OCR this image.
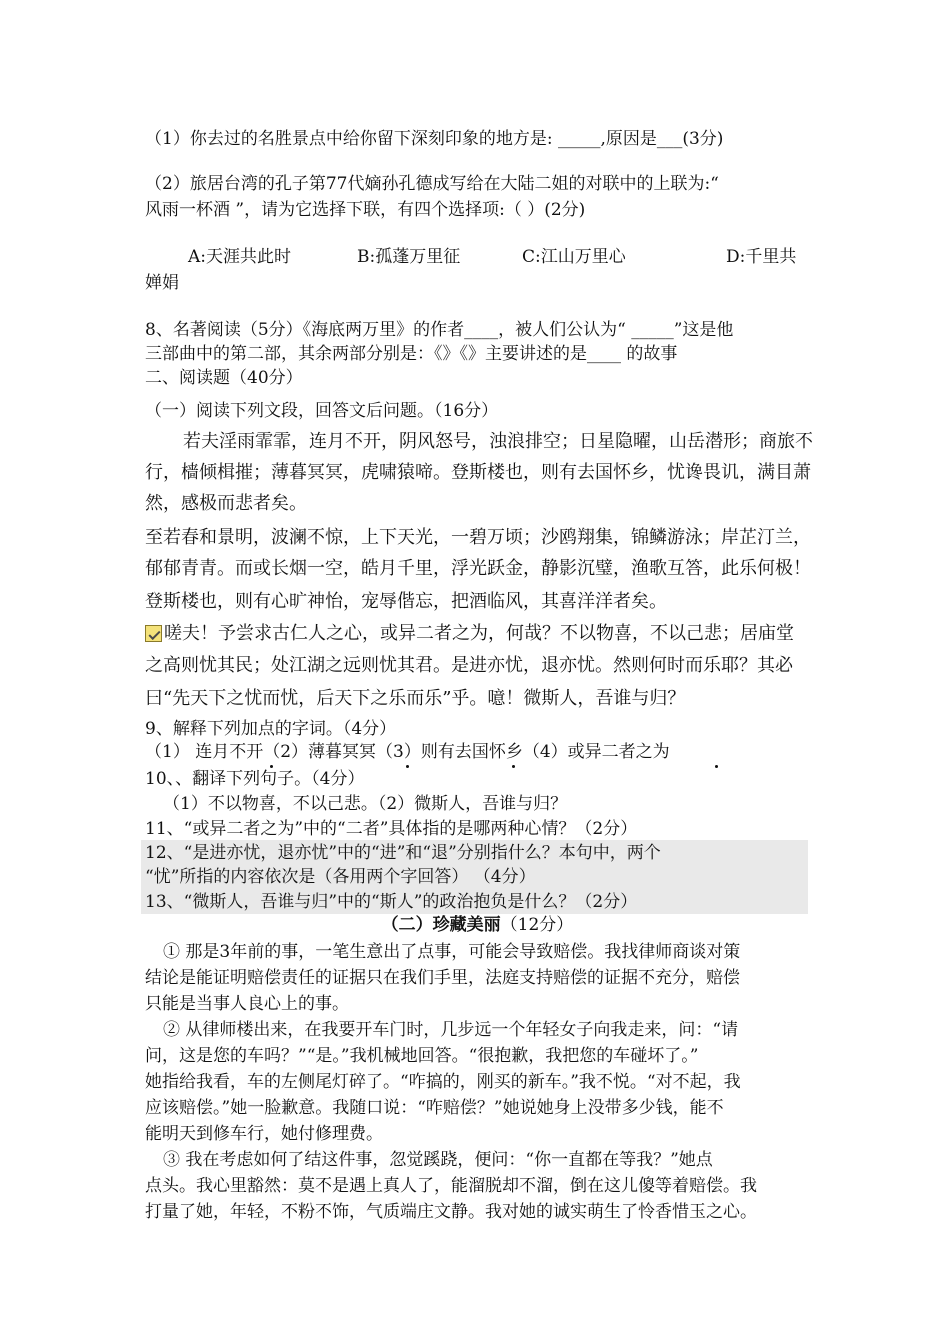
（1）你去过的名胜景点中给你留下深刻印象的地方是: _____,原因是___(3分)
（2）旅居台湾的孔子第77代嫡孙孔德成写给在大陆二姐的对联中的上联为:“
风雨一杯酒 ”，请为它选择下联，有四个选择项:（ ）(2分)
A:天涯共此时	B:孤蓬万里征	C:江山万里心	D:千里共
婵娟
8、名著阅读（5分）《海底两万里》的作者____，被人们公认为“ _____”这是他
三部曲中的第二部，其余两部分别是：《》《》主要讲述的是____ 的故事
二、阅读题（40分）
（一）阅读下列文段，回答文后问题。（16分）
若夫淫雨霏霏，连月不开，阴风怒号，浊浪排空；日星隐曜，山岳潜形；商旅不
行，樯倾楫摧；薄暮冥冥，虎啸猿啼。登斯楼也，则有去国怀乡，忧谗畏讥，满目萧
然，感极而悲者矣。
至若春和景明，波澜不惊，上下天光，一碧万顷；沙鸥翔集，锦鳞游泳；岸芷汀兰，
郁郁青青。而或长烟一空，皓月千里，浮光跃金，静影沉璧，渔歌互答，此乐何极！
登斯楼也，则有心旷神怡，宠辱偕忘，把酒临风，其喜洋洋者矣。
嗟夫！予尝求古仁人之心，或异二者之为，何哉？不以物喜，不以己悲；居庙堂
之高则忧其民；处江湖之远则忧其君。是进亦忧，退亦忧。然则何时而乐耶？其必
曰“先天下之忧而忧，后天下之乐而乐”乎。噫！微斯人，吾谁与归？
9、解释下列加点的字词。（4分）
（1） 连月不开（2）薄暮冥冥（3）则有去国怀乡（4）或异二者之为
10、、翻译下列句子。（4分）
（1）不以物喜，不以己悲。（2）微斯人，吾谁与归？
11、“或异二者之为”中的“二者”具体指的是哪两种心情？（2分）
12、“是进亦忧，退亦忧”中的“进”和“退”分别指什么？本句中，两个
“忧”所指的内容依次是（各用两个字回答） （4分）
13、“微斯人，吾谁与归”中的“斯人”的政治抱负是什么？（2分）
（二）珍藏美丽（12分）
① 那是3年前的事，一笔生意出了点事，可能会导致赔偿。我找律师商谈对策
结论是能证明赔偿责任的证据只在我们手里，法庭支持赔偿的证据不充分，赔偿
只能是当事人良心上的事。
② 从律师楼出来，在我要开车门时，几步远一个年轻女子向我走来，问：“请
问，这是您的车吗？”“是。”我机械地回答。“很抱歉，我把您的车碰坏了。”
她指给我看，车的左侧尾灯碎了。“咋搞的，刚买的新车。”我不悦。“对不起，我
应该赔偿。”她一脸歉意。我随口说：“咋赔偿？”她说她身上没带多少钱，能不
能明天到修车行，她付修理费。
③ 我在考虑如何了结这件事，忽觉蹊跷，便问：“你一直都在等我？”她点
点头。我心里豁然：莫不是遇上真人了，能溜脱却不溜，倒在这儿傻等着赔偿。我
打量了她，年轻，不粉不饰，气质端庄文静。我对她的诚实萌生了怜香惜玉之心。
